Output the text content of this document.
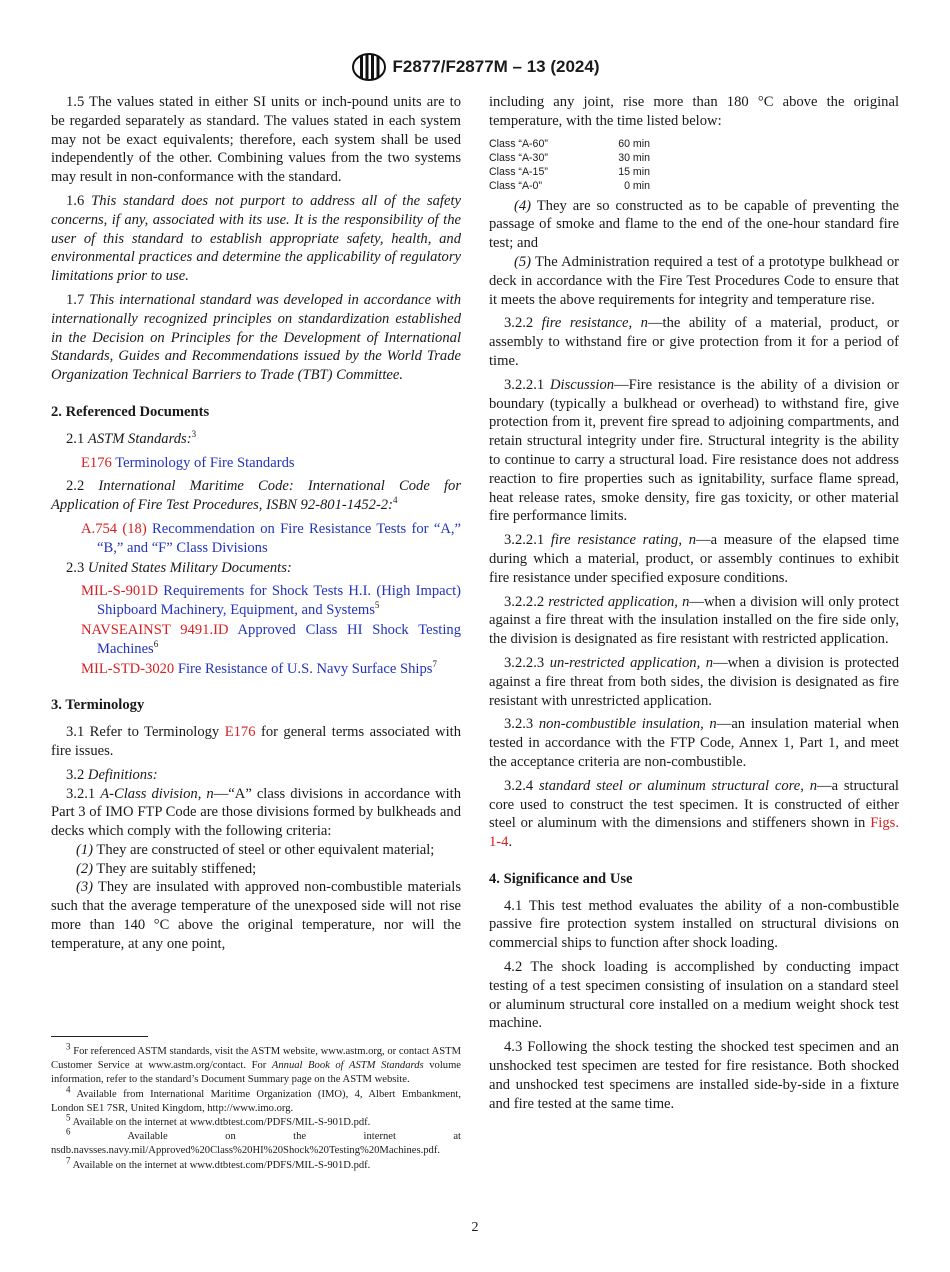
F2877/F2877M – 13 (2024)

1.5 The values stated in either SI units or inch-pound units are to be regarded separately as standard. The values stated in each system may not be exact equivalents; therefore, each system shall be used independently of the other. Combining values from the two systems may result in non-conformance with the standard.

1.6 This standard does not purport to address all of the safety concerns, if any, associated with its use. It is the responsibility of the user of this standard to establish appropriate safety, health, and environmental practices and determine the applicability of regulatory limitations prior to use.

1.7 This international standard was developed in accordance with internationally recognized principles on standardization established in the Decision on Principles for the Development of International Standards, Guides and Recommendations issued by the World Trade Organization Technical Barriers to Trade (TBT) Committee.

2. Referenced Documents

2.1 ASTM Standards:$^3$

E176 Terminology of Fire Standards

2.2 International Maritime Code: International Code for Application of Fire Test Procedures, ISBN 92-801-1452-2:$^4$

A.754 (18) Recommendation on Fire Resistance Tests for “A,” “B,” and “F” Class Divisions

2.3 United States Military Documents:

MIL-S-901D Requirements for Shock Tests H.I. (High Impact) Shipboard Machinery, Equipment, and Systems$^5$

NAVSEAINST 9491.ID Approved Class HI Shock Testing Machines$^6$

MIL-STD-3020 Fire Resistance of U.S. Navy Surface Ships$^7$

3. Terminology

3.1 Refer to Terminology E176 for general terms associated with fire issues.

3.2 Definitions:

3.2.1 A-Class division, n—“A” class divisions in accordance with Part 3 of IMO FTP Code are those divisions formed by bulkheads and decks which comply with the following criteria:

(1) They are constructed of steel or other equivalent material;

(2) They are suitably stiffened;

(3) They are insulated with approved non-combustible materials such that the average temperature of the unexposed side will not rise more than 140 °C above the original temperature, nor will the temperature, at any one point,

$^3$ For referenced ASTM standards, visit the ASTM website, www.astm.org, or contact ASTM Customer Service at www.astm.org/contact. For Annual Book of ASTM Standards volume information, refer to the standard’s Document Summary page on the ASTM website.

$^4$ Available from International Maritime Organization (IMO), 4, Albert Embankment, London SE1 7SR, United Kingdom, http://www.imo.org.

$^5$ Available on the internet at www.dtbtest.com/PDFS/MIL-S-901D.pdf.

$^6$	Available on the internet at nsdb.navsses.navy.mil/Approved%20Class%20HI%20Shock%20Testing%20Machines.pdf.

$^7$ Available on the internet at www.dtbtest.com/PDFS/MIL-S-901D.pdf.

including any joint, rise more than 180 °C above the original temperature, with the time listed below:

Class “A-60”	60 min
Class “A-30”	30 min
Class “A-15”	15 min
Class “A-0”	0 min

(4) They are so constructed as to be capable of preventing the passage of smoke and flame to the end of the one-hour standard fire test; and

(5) The Administration required a test of a prototype bulkhead or deck in accordance with the Fire Test Procedures Code to ensure that it meets the above requirements for integrity and temperature rise.

3.2.2 fire resistance, n—the ability of a material, product, or assembly to withstand fire or give protection from it for a period of time.

3.2.2.1 Discussion—Fire resistance is the ability of a division or boundary (typically a bulkhead or overhead) to withstand fire, give protection from it, prevent fire spread to adjoining compartments, and retain structural integrity under fire. Structural integrity is the ability to continue to carry a structural load. Fire resistance does not address reaction to fire properties such as ignitability, surface flame spread, heat release rates, smoke density, fire gas toxicity, or other material fire performance limits.

3.2.2.1 fire resistance rating, n—a measure of the elapsed time during which a material, product, or assembly continues to exhibit fire resistance under specified exposure conditions.

3.2.2.2 restricted application, n—when a division will only protect against a fire threat with the insulation installed on the fire side only, the division is designated as fire resistant with restricted application.

3.2.2.3 un-restricted application, n—when a division is protected against a fire threat from both sides, the division is designated as fire resistant with unrestricted application.

3.2.3 non-combustible insulation, n—an insulation material when tested in accordance with the FTP Code, Annex 1, Part 1, and meet the acceptance criteria are non-combustible.

3.2.4 standard steel or aluminum structural core, n—a structural core used to construct the test specimen. It is constructed of either steel or aluminum with the dimensions and stiffeners shown in Figs. 1-4.

4. Significance and Use

4.1 This test method evaluates the ability of a non-combustible passive fire protection system installed on structural divisions on commercial ships to function after shock loading.

4.2 The shock loading is accomplished by conducting impact testing of a test specimen consisting of insulation on a standard steel or aluminum structural core installed on a medium weight shock test machine.

4.3 Following the shock testing the shocked test specimen and an unshocked test specimen are tested for fire resistance. Both shocked and unshocked test specimens are installed side-by-side in a fixture and fire tested at the same time.

2
